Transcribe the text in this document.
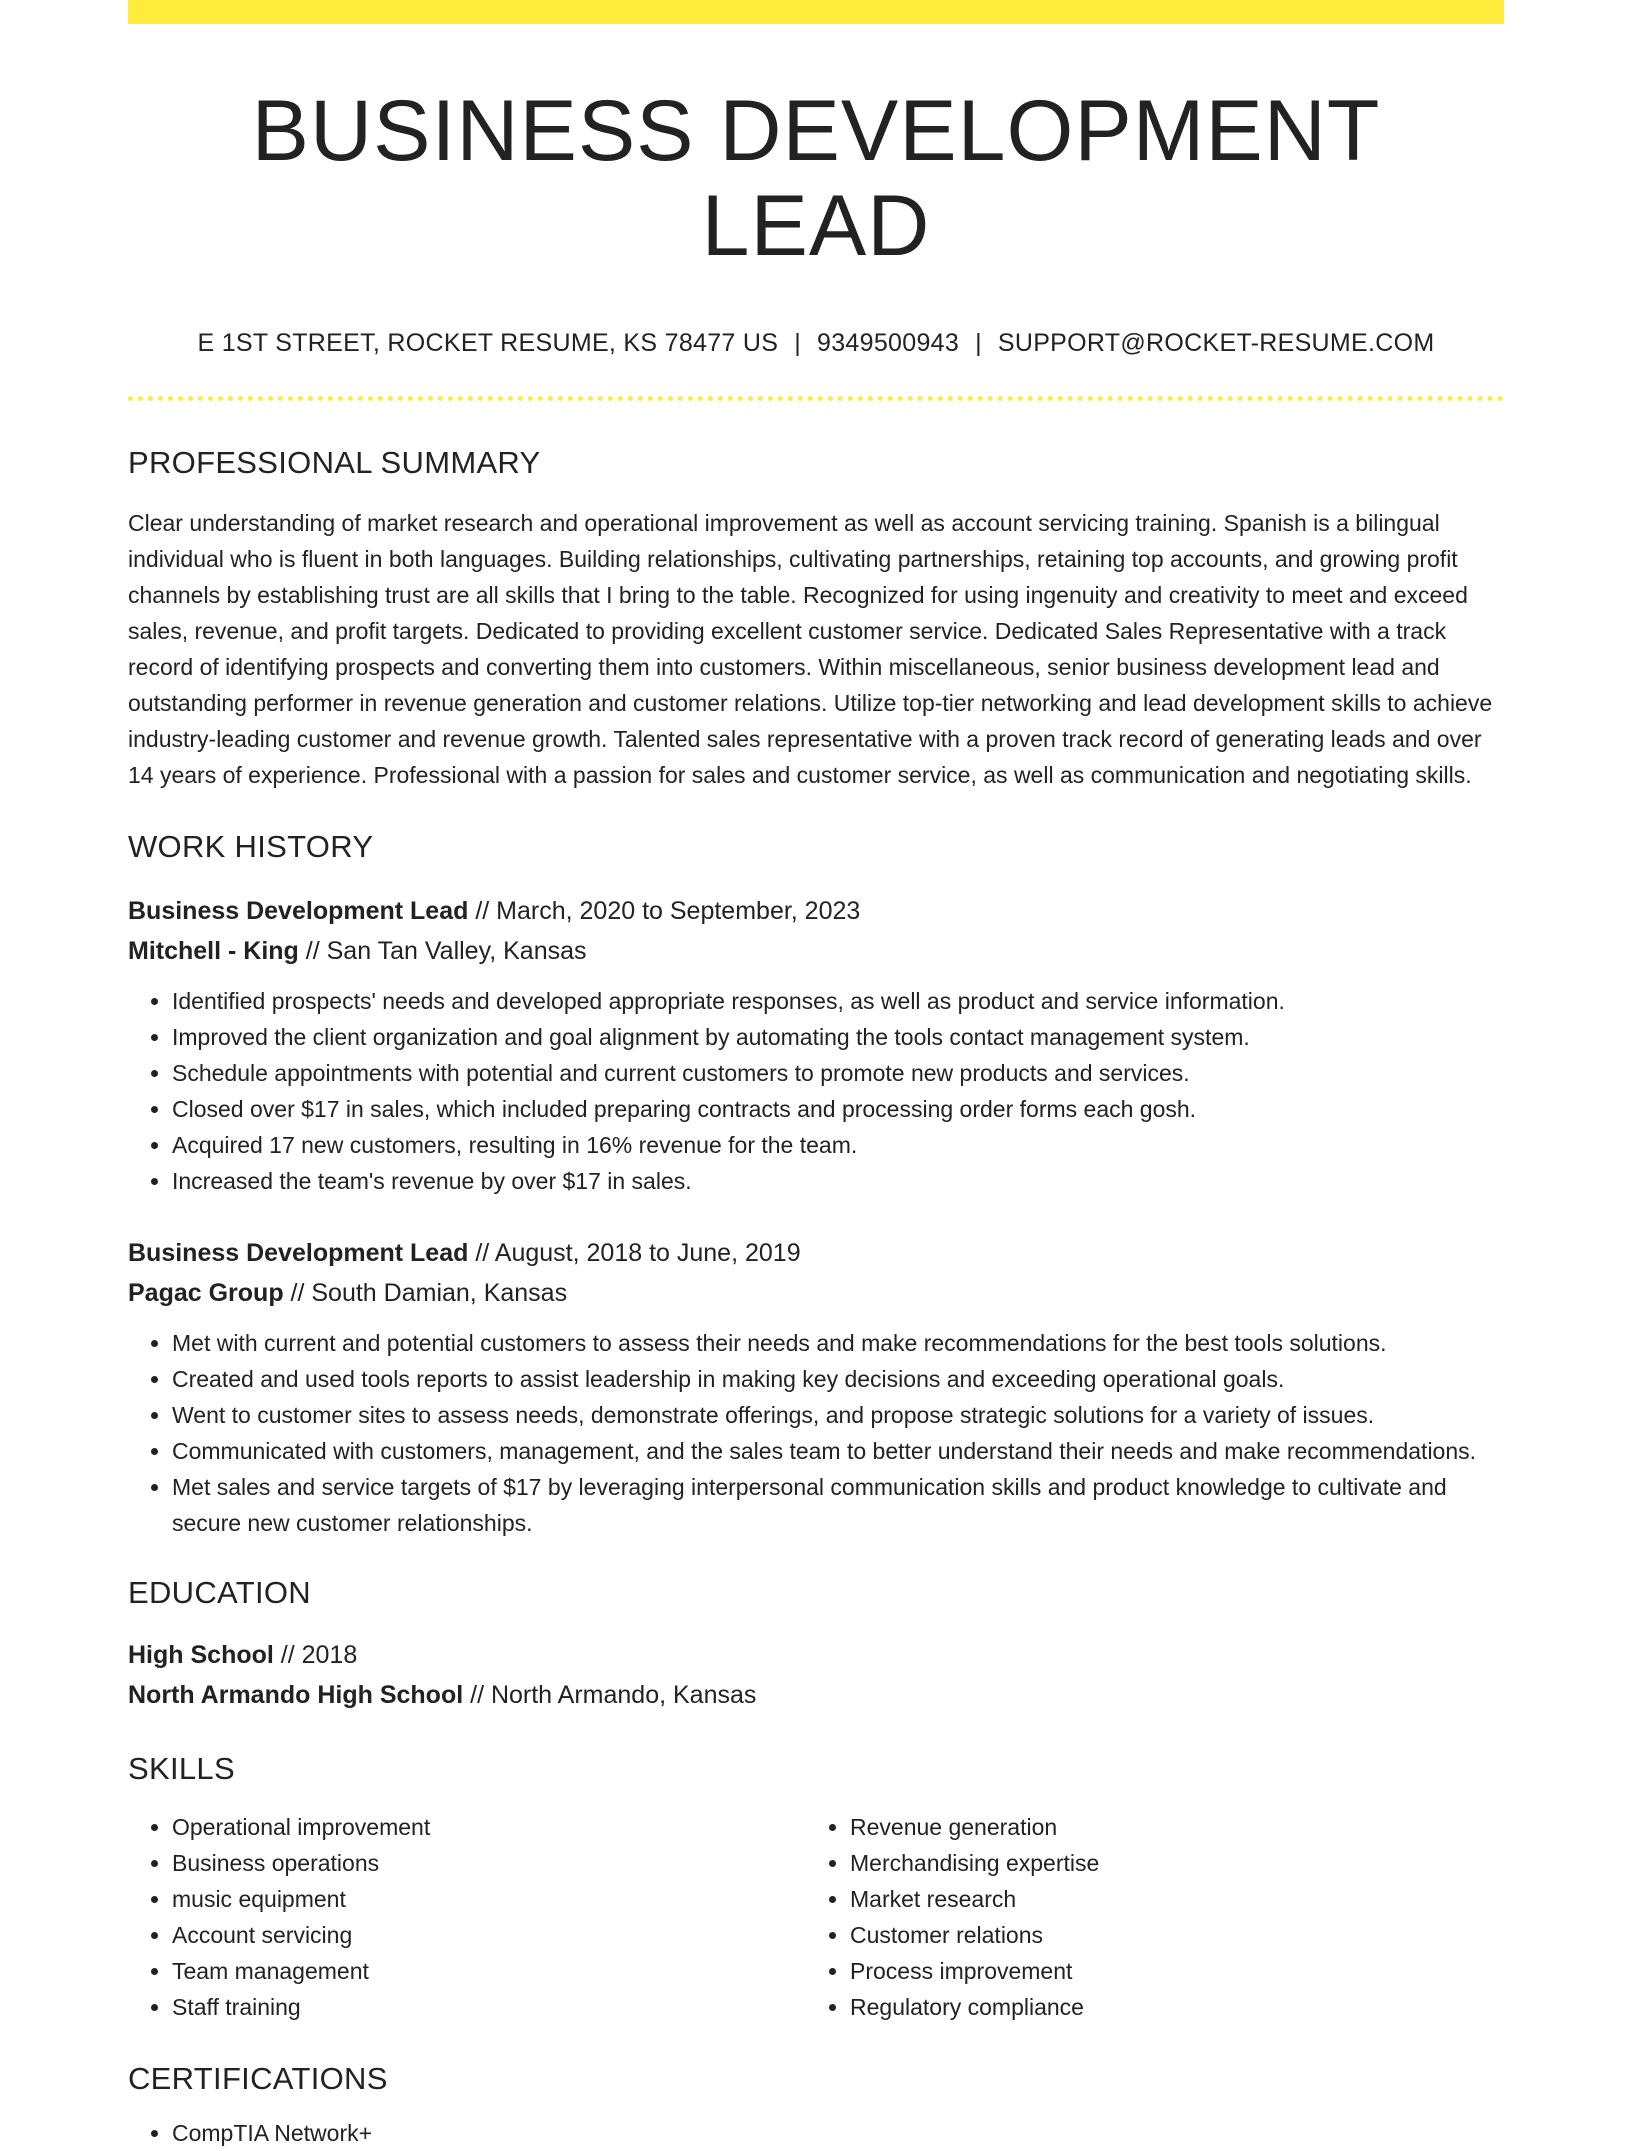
BUSINESS DEVELOPMENT LEAD
E 1ST STREET, ROCKET RESUME, KS 78477 US | 9349500943 | SUPPORT@ROCKET-RESUME.COM
PROFESSIONAL SUMMARY

Clear understanding of market research and operational improvement as well as account servicing training. Spanish is a bilingual individual who is fluent in both languages. Building relationships, cultivating partnerships, retaining top accounts, and growing profit channels by establishing trust are all skills that I bring to the table. Recognized for using ingenuity and creativity to meet and exceed sales, revenue, and profit targets. Dedicated to providing excellent customer service. Dedicated Sales Representative with a track record of identifying prospects and converting them into customers. Within miscellaneous, senior business development lead and outstanding performer in revenue generation and customer relations. Utilize top-tier networking and lead development skills to achieve industry-leading customer and revenue growth. Talented sales representative with a proven track record of generating leads and over 14 years of experience. Professional with a passion for sales and customer service, as well as communication and negotiating skills.

WORK HISTORY
Business Development Lead // March, 2020 to September, 2023
Mitchell - King // San Tan Valley, Kansas
• Identified prospects' needs and developed appropriate responses, as well as product and service information.
• Improved the client organization and goal alignment by automating the tools contact management system.
• Schedule appointments with potential and current customers to promote new products and services.
• Closed over $17 in sales, which included preparing contracts and processing order forms each gosh.
• Acquired 17 new customers, resulting in 16% revenue for the team.
• Increased the team's revenue by over $17 in sales.
Business Development Lead // August, 2018 to June, 2019
Pagac Group // South Damian, Kansas
• Met with current and potential customers to assess their needs and make recommendations for the best tools solutions.
• Created and used tools reports to assist leadership in making key decisions and exceeding operational goals.
• Went to customer sites to assess needs, demonstrate offerings, and propose strategic solutions for a variety of issues.
• Communicated with customers, management, and the sales team to better understand their needs and make recommendations.
• Met sales and service targets of $17 by leveraging interpersonal communication skills and product knowledge to cultivate and secure new customer relationships.
EDUCATION
High School // 2018
North Armando High School // North Armando, Kansas
SKILLS
• Operational improvement
• Business operations
• music equipment
• Account servicing
• Team management
• Staff training
• Revenue generation
• Merchandising expertise
• Market research
• Customer relations
• Process improvement
• Regulatory compliance
CERTIFICATIONS
• CompTIA Network+
